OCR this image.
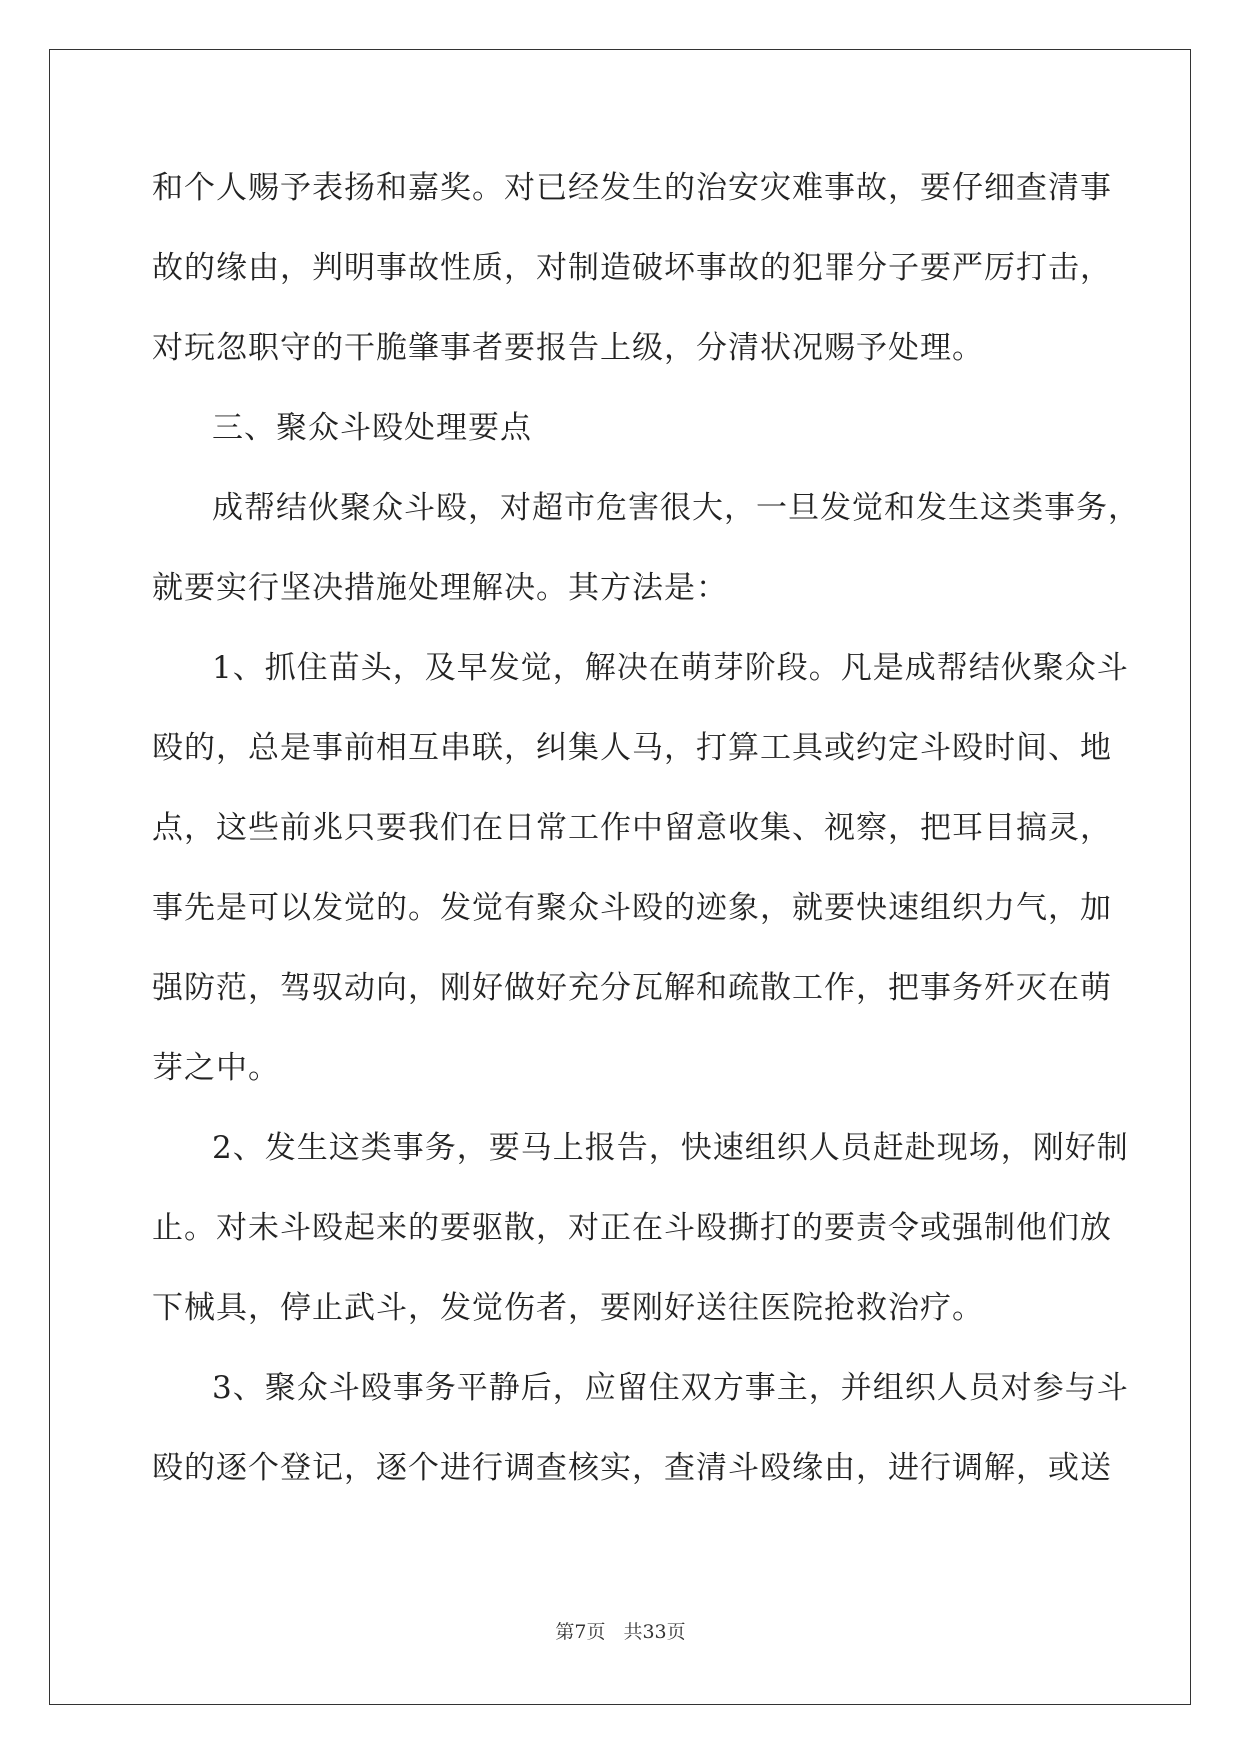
和个人赐予表扬和嘉奖。对已经发生的治安灾难事故，要仔细查清事
故的缘由，判明事故性质，对制造破坏事故的犯罪分子要严厉打击，
对玩忽职守的干脆肇事者要报告上级，分清状况赐予处理。
三、聚众斗殴处理要点
成帮结伙聚众斗殴，对超市危害很大，一旦发觉和发生这类事务，
就要实行坚决措施处理解决。其方法是：
1、抓住苗头，及早发觉，解决在萌芽阶段。凡是成帮结伙聚众斗
殴的，总是事前相互串联，纠集人马，打算工具或约定斗殴时间、地
点，这些前兆只要我们在日常工作中留意收集、视察，把耳目搞灵，
事先是可以发觉的。发觉有聚众斗殴的迹象，就要快速组织力气，加
强防范，驾驭动向，刚好做好充分瓦解和疏散工作，把事务歼灭在萌
芽之中。
2、发生这类事务，要马上报告，快速组织人员赶赴现场，刚好制
止。对未斗殴起来的要驱散，对正在斗殴撕打的要责令或强制他们放
下械具，停止武斗，发觉伤者，要刚好送往医院抢救治疗。
3、聚众斗殴事务平静后，应留住双方事主，并组织人员对参与斗
殴的逐个登记，逐个进行调查核实，查清斗殴缘由，进行调解，或送
第7页 共33页
